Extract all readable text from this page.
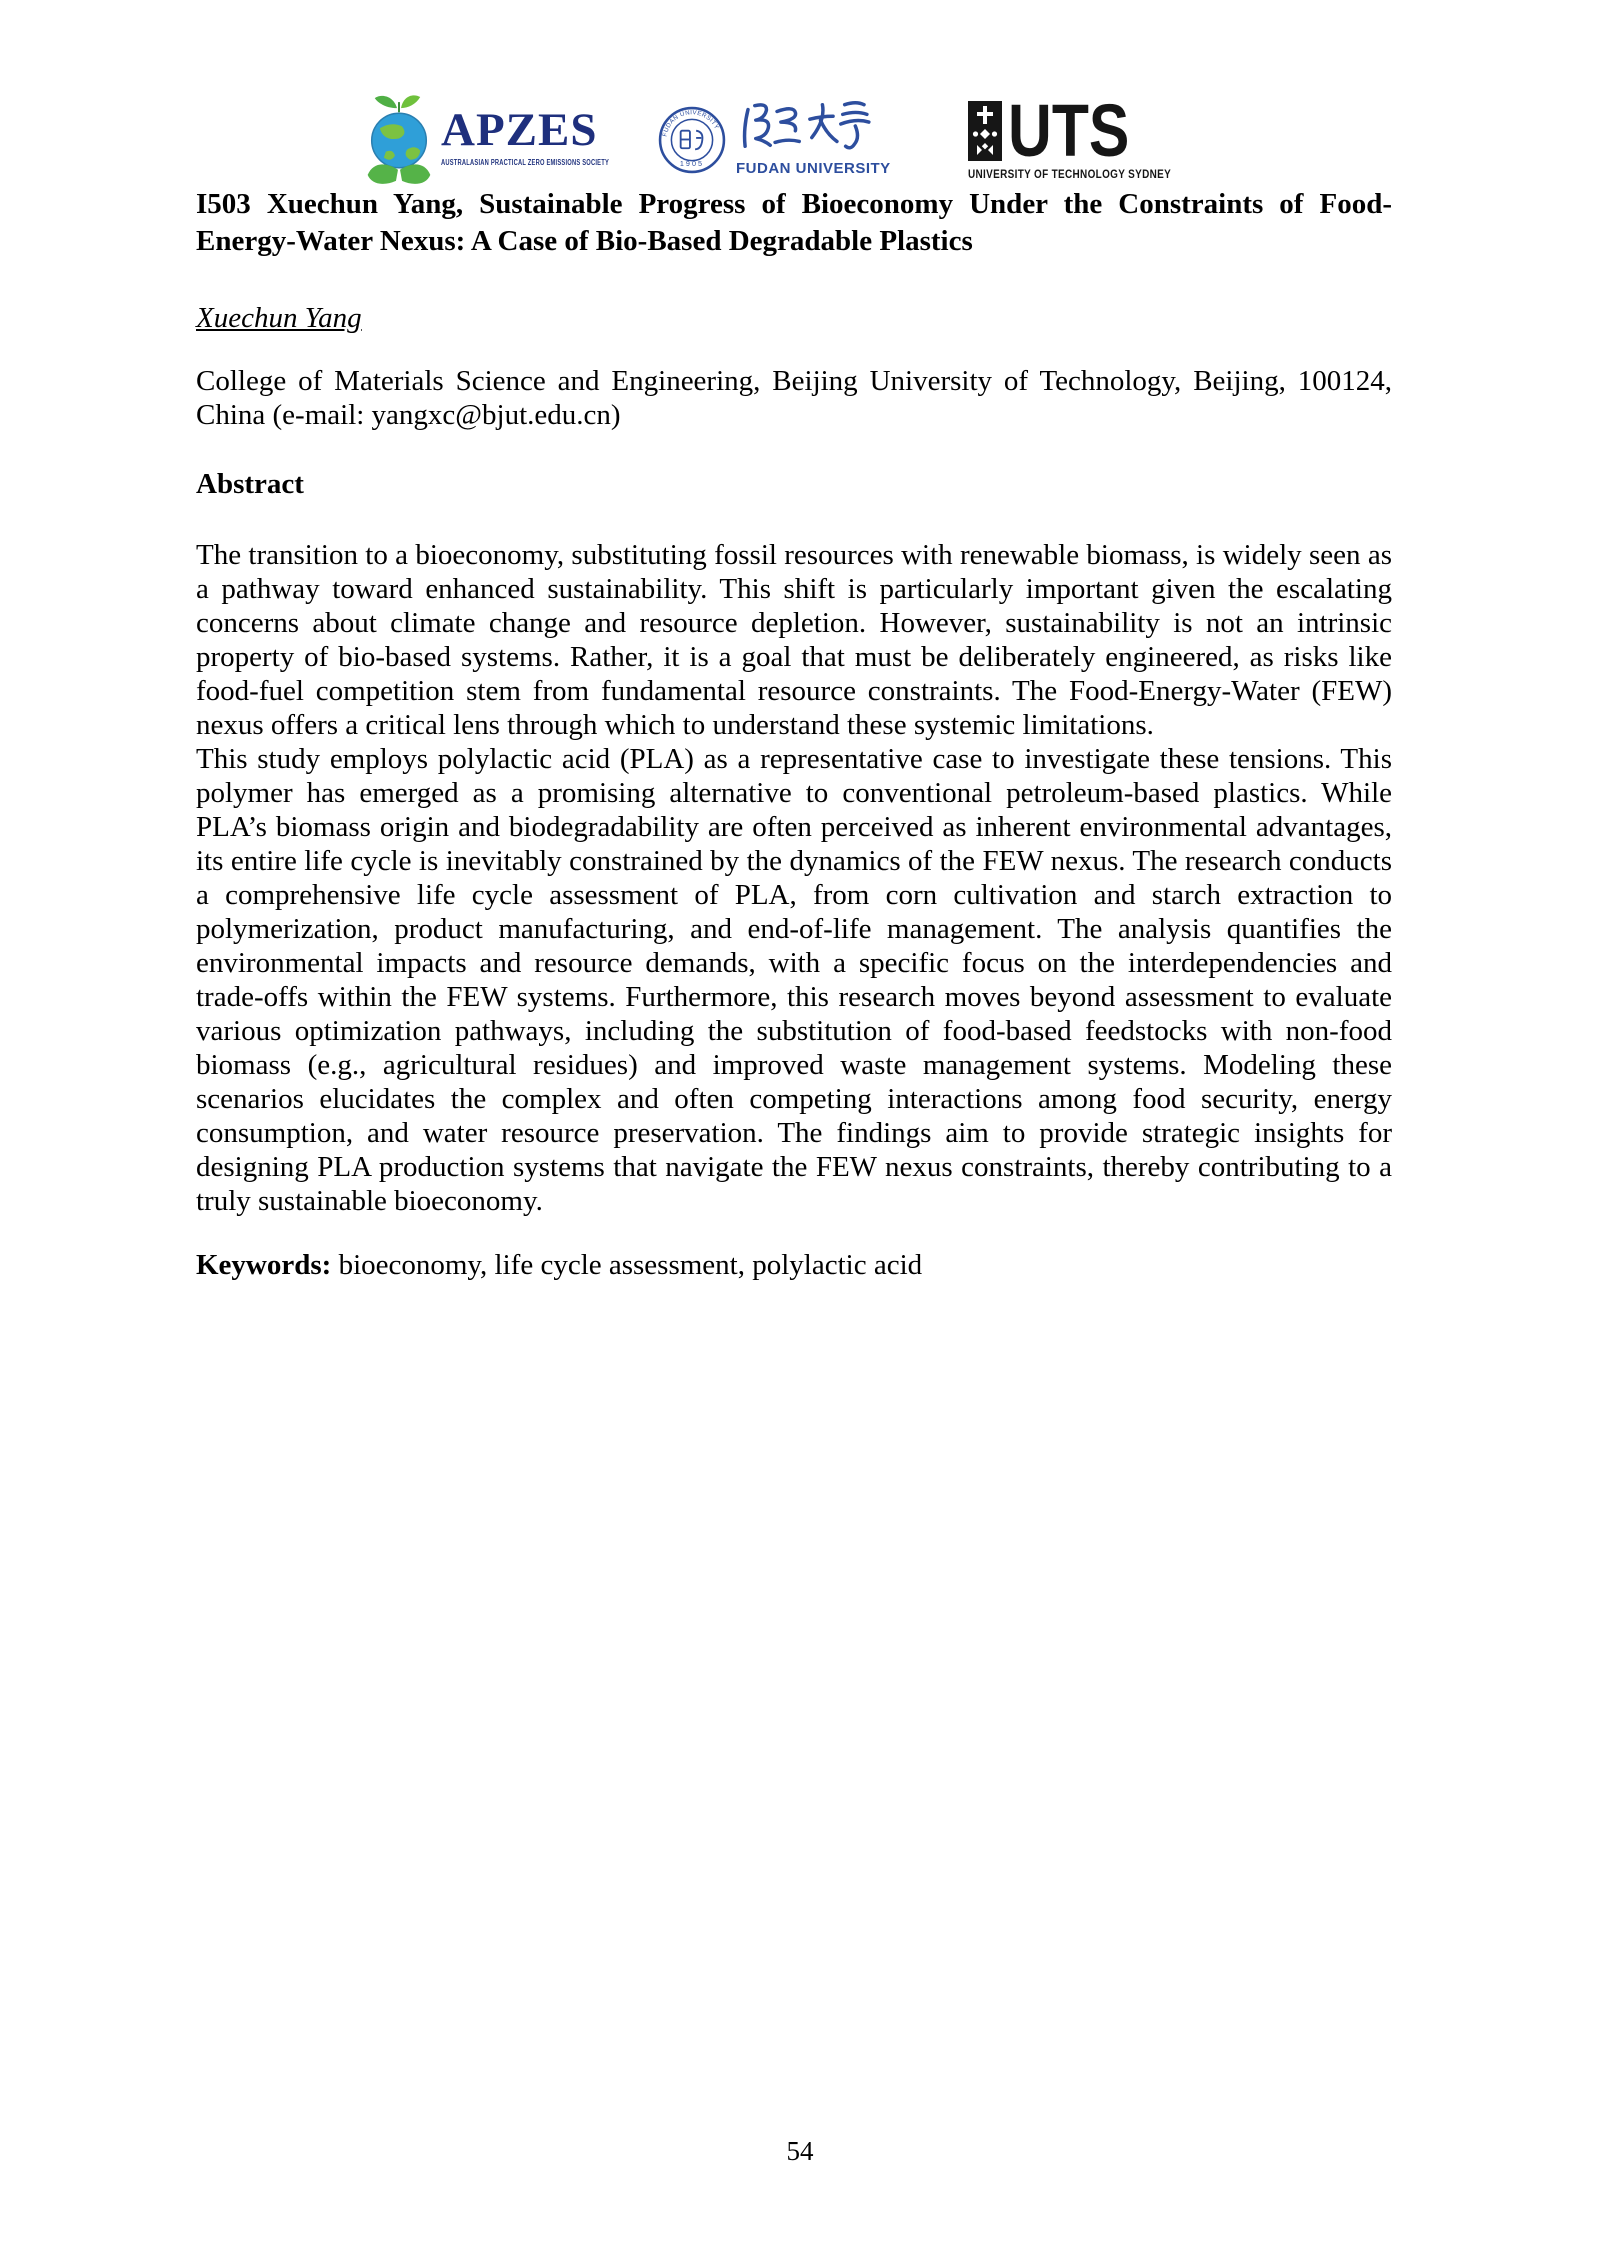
APZES
AUSTRALASIAN PRACTICAL ZERO EMISSIONS SOCIETY
FUDAN UNIVERSITY
1905 FUDAN UNIVERSITY UTS
UNIVERSITY OF TECHNOLOGY SYDNEY
I503 Xuechun Yang, Sustainable Progress of Bioeconomy Under the Constraints of Food-Energy-Water Nexus: A Case of Bio-Based Degradable Plastics
Xuechun Yang
College of Materials Science and Engineering, Beijing University of Technology, Beijing, 100124, China (e-mail: yangxc@bjut.edu.cn)
Abstract

The transition to a bioeconomy, substituting fossil resources with renewable biomass, is widely seen as a pathway toward enhanced sustainability. This shift is particularly important given the escalating concerns about climate change and resource depletion. However, sustainability is not an intrinsic property of bio-based systems. Rather, it is a goal that must be deliberately engineered, as risks like food-fuel competition stem from fundamental resource constraints. The Food-Energy-Water (FEW) nexus offers a critical lens through which to understand these systemic limitations.

This study employs polylactic acid (PLA) as a representative case to investigate these tensions. This polymer has emerged as a promising alternative to conventional petroleum-based plastics. While PLA’s biomass origin and biodegradability are often perceived as inherent environmental advantages, its entire life cycle is inevitably constrained by the dynamics of the FEW nexus. The research conducts a comprehensive life cycle assessment of PLA, from corn cultivation and starch extraction to polymerization, product manufacturing, and end-of-life management. The analysis quantifies the environmental impacts and resource demands, with a specific focus on the interdependencies and trade-offs within the FEW systems. Furthermore, this research moves beyond assessment to evaluate various optimization pathways, including the substitution of food-based feedstocks with non-food biomass (e.g., agricultural residues) and improved waste management systems. Modeling these scenarios elucidates the complex and often competing interactions among food security, energy consumption, and water resource preservation. The findings aim to provide strategic insights for designing PLA production systems that navigate the FEW nexus constraints, thereby contributing to a truly sustainable bioeconomy.

Keywords: bioeconomy, life cycle assessment, polylactic acid
54
